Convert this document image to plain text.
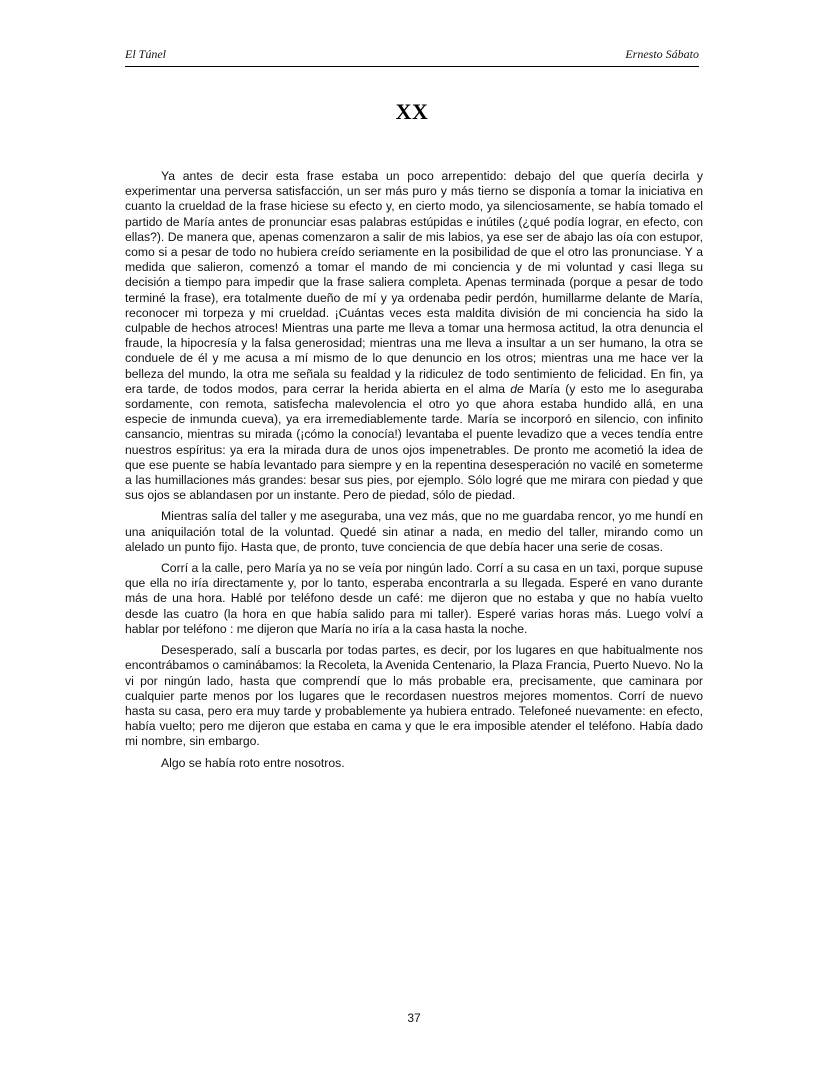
El Túnel	Ernesto Sábato
XX

Ya antes de decir esta frase estaba un poco arrepentido: debajo del que quería decirla y experimentar una perversa satisfacción, un ser más puro y más tierno se disponía a tomar la iniciativa en cuanto la crueldad de la frase hiciese su efecto y, en cierto modo, ya silenciosamente, se había tomado el partido de María antes de pronunciar esas palabras estúpidas e inútiles (¿qué podía lograr, en efecto, con ellas?). De manera que, apenas comenzaron a salir de mis labios, ya ese ser de abajo las oía con estupor, como si a pesar de todo no hubiera creído seriamente en la posibilidad de que el otro las pronunciase. Y a medida que salieron, comenzó a tomar el mando de mi conciencia y de mi voluntad y casi llega su decisión a tiempo para impedir que la frase saliera completa. Apenas terminada (porque a pesar de todo terminé la frase), era totalmente dueño de mí y ya ordenaba pedir perdón, humillarme delante de María, reconocer mi torpeza y mi crueldad. ¡Cuántas veces esta maldita división de mi conciencia ha sido la culpable de hechos atroces! Mientras una parte me lleva a tomar una hermosa actitud, la otra denuncia el fraude, la hipocresía y la falsa generosidad; mientras una me lleva a insultar a un ser humano, la otra se conduele de él y me acusa a mí mismo de lo que denuncio en los otros; mientras una me hace ver la belleza del mundo, la otra me señala su fealdad y la ridiculez de todo sentimiento de felicidad. En fin, ya era tarde, de todos modos, para cerrar la herida abierta en el alma de María (y esto me lo aseguraba sordamente, con remota, satisfecha malevolencia el otro yo que ahora estaba hundido allá, en una especie de inmunda cueva), ya era irremediablemente tarde. María se incorporó en silencio, con infinito cansancio, mientras su mirada (¡cómo la conocía!) levantaba el puente levadizo que a veces tendía entre nuestros espíritus: ya era la mirada dura de unos ojos impenetrables. De pronto me acometió la idea de que ese puente se había levantado para siempre y en la repentina desesperación no vacilé en someterme a las humillaciones más grandes: besar sus pies, por ejemplo. Sólo logré que me mirara con piedad y que sus ojos se ablandasen por un instante. Pero de piedad, sólo de piedad.

Mientras salía del taller y me aseguraba, una vez más, que no me guardaba rencor, yo me hundí en una aniquilación total de la voluntad. Quedé sin atinar a nada, en medio del taller, mirando como un alelado un punto fijo. Hasta que, de pronto, tuve conciencia de que debía hacer una serie de cosas.

Corrí a la calle, pero María ya no se veía por ningún lado. Corrí a su casa en un taxi, porque supuse que ella no iría directamente y, por lo tanto, esperaba encontrarla a su llegada. Esperé en vano durante más de una hora. Hablé por teléfono desde un café: me dijeron que no estaba y que no había vuelto desde las cuatro (la hora en que había salido para mi taller). Esperé varias horas más. Luego volví a hablar por teléfono : me dijeron que María no iría a la casa hasta la noche.

Desesperado, salí a buscarla por todas partes, es decir, por los lugares en que habitualmente nos encontrábamos o caminábamos: la Recoleta, la Avenida Centenario, la Plaza Francia, Puerto Nuevo. No la vi por ningún lado, hasta que comprendí que lo más probable era, precisamente, que caminara por cualquier parte menos por los lugares que le recordasen nuestros mejores momentos. Corrí de nuevo hasta su casa, pero era muy tarde y probablemente ya hubiera entrado. Telefoneé nuevamente: en efecto, había vuelto; pero me dijeron que estaba en cama y que le era imposible atender el teléfono. Había dado mi nombre, sin embargo.

Algo se había roto entre nosotros.

37
